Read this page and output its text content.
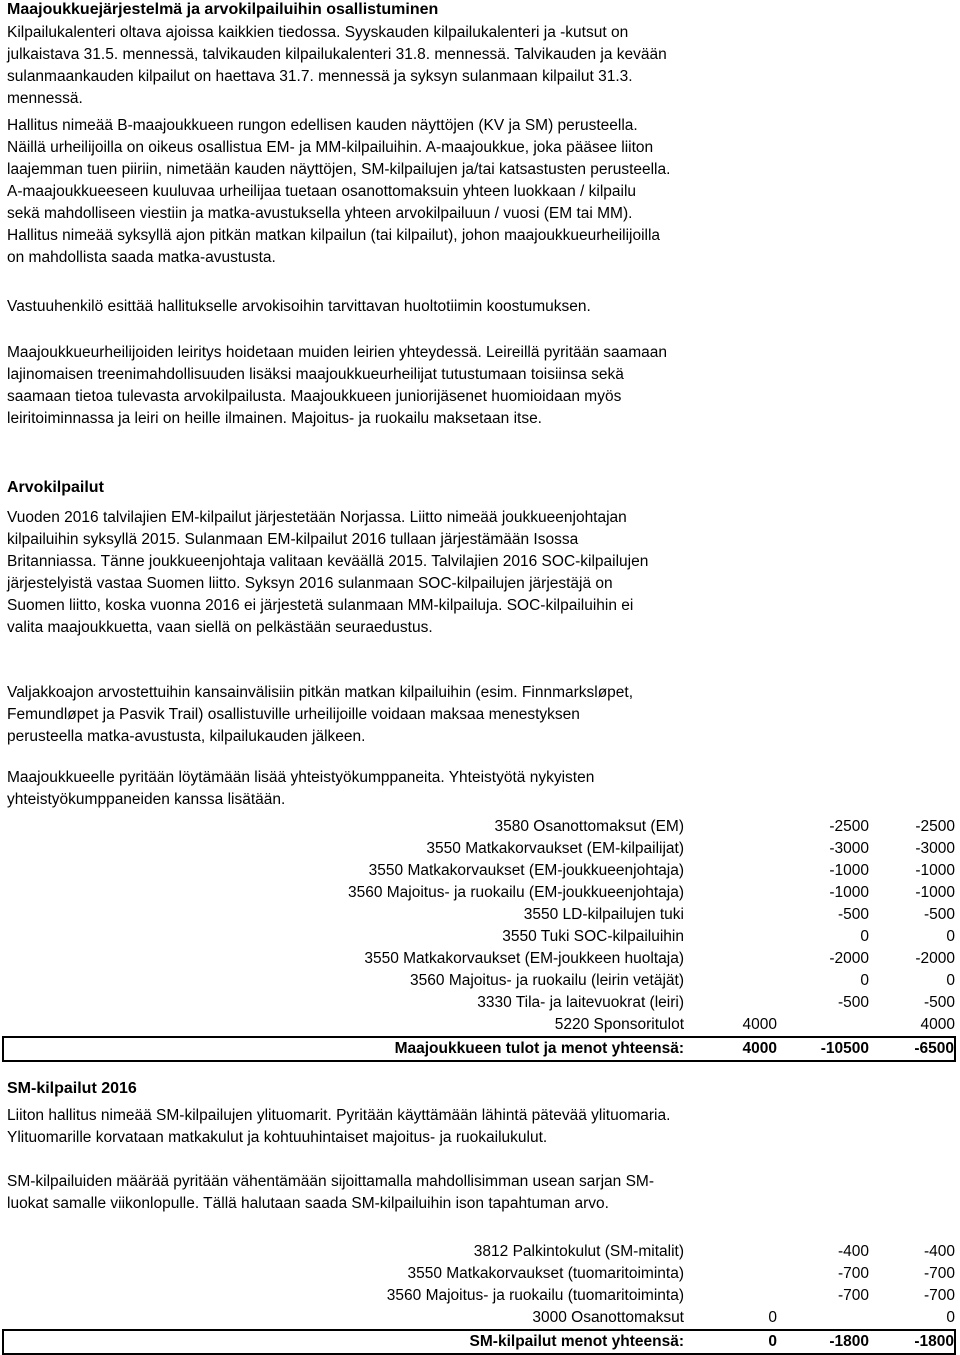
Maajoukkuejärjestelmä ja arvokilpailuihin osallistuminen

Kilpailukalenteri oltava ajoissa kaikkien tiedossa. Syyskauden kilpailukalenteri ja -kutsut on julkaistava 31.5. mennessä, talvikauden kilpailukalenteri 31.8. mennessä. Talvikauden ja kevään sulanmaankauden kilpailut on haettava 31.7. mennessä ja syksyn sulanmaan kilpailut 31.3. mennessä.

Hallitus nimeää B-maajoukkueen rungon edellisen kauden näyttöjen (KV ja SM) perusteella. Näillä urheilijoilla on oikeus osallistua EM- ja MM-kilpailuihin. A-maajoukkue, joka pääsee liiton laajemman tuen piiriin, nimetään kauden näyttöjen, SM-kilpailujen ja/tai katsastusten perusteella. A-maajoukkueeseen kuuluvaa urheilijaa tuetaan osanottomaksuin yhteen luokkaan / kilpailu sekä mahdolliseen viestiin ja matka-avustuksella yhteen arvokilpailuun / vuosi (EM tai MM). Hallitus nimeää syksyllä ajon pitkän matkan kilpailun (tai kilpailut), johon maajoukkueurheilijoilla on mahdollista saada matka-avustusta.

Vastuuhenkilö esittää hallitukselle arvokisoihin tarvittavan huoltotiimin koostumuksen.

Maajoukkueurheilijoiden leiritys hoidetaan muiden leirien yhteydessä. Leireillä pyritään saamaan lajinomaisen treenimahdollisuuden lisäksi maajoukkueurheilijat tutustumaan toisiinsa sekä saamaan tietoa tulevasta arvokilpailusta. Maajoukkueen juniorijäsenet huomioidaan myös leiritoiminnassa ja leiri on heille ilmainen. Majoitus- ja ruokailu maksetaan itse.

Arvokilpailut

Vuoden 2016 talvilajien EM-kilpailut järjestetään Norjassa. Liitto nimeää joukkueenjohtajan kilpailuihin syksyllä 2015. Sulanmaan EM-kilpailut 2016 tullaan järjestämään Isossa Britanniassa. Tänne joukkueenjohtaja valitaan keväällä 2015. Talvilajien 2016 SOC-kilpailujen järjestelyistä vastaa Suomen liitto. Syksyn 2016 sulanmaan SOC-kilpailujen järjestäjä on Suomen liitto, koska vuonna 2016 ei järjestetä sulanmaan MM-kilpailuja. SOC-kilpailuihin ei valita maajoukkuetta, vaan siellä on pelkästään seuraedustus.

Valjakkoajon arvostettuihin kansainvälisiin pitkän matkan kilpailuihin (esim. Finnmarksløpet, Femundløpet ja Pasvik Trail) osallistuville urheilijoille voidaan maksaa menestyksen perusteella matka-avustusta, kilpailukauden jälkeen.

Maajoukkueelle pyritään löytämään lisää yhteistyökumppaneita. Yhteistyötä nykyisten yhteistyökumppaneiden kanssa lisätään.

3580 Osanottomaksut (EM)		-2500	-2500
3550 Matkakorvaukset (EM-kilpailijat)		-3000	-3000
3550 Matkakorvaukset (EM-joukkueenjohtaja)		-1000	-1000
3560 Majoitus- ja ruokailu (EM-joukkueenjohtaja)		-1000	-1000
3550 LD-kilpailujen tuki		-500	-500
3550 Tuki SOC-kilpailuihin		0	0
3550 Matkakorvaukset (EM-joukkeen huoltaja)		-2000	-2000
3560 Majoitus- ja ruokailu (leirin vetäjät)		0	0
3330 Tila- ja laitevuokrat (leiri)		-500	-500
5220 Sponsoritulot	4000		4000
Maajoukkueen tulot ja menot yhteensä:	4000	-10500	-6500
SM-kilpailut 2016

Liiton hallitus nimeää SM-kilpailujen ylituomarit. Pyritään käyttämään lähintä pätevää ylituomaria. Ylituomarille korvataan matkakulut ja kohtuuhintaiset majoitus- ja ruokailukulut.

SM-kilpailuiden määrää pyritään vähentämään sijoittamalla mahdollisimman usean sarjan SM-luokat samalle viikonlopulle. Tällä halutaan saada SM-kilpailuihin ison tapahtuman arvo.

3812 Palkintokulut (SM-mitalit)		-400	-400
3550 Matkakorvaukset (tuomaritoiminta)		-700	-700
3560 Majoitus- ja ruokailu (tuomaritoiminta)		-700	-700
3000 Osanottomaksut	0		0
SM-kilpailut menot yhteensä:	0	-1800	-1800
